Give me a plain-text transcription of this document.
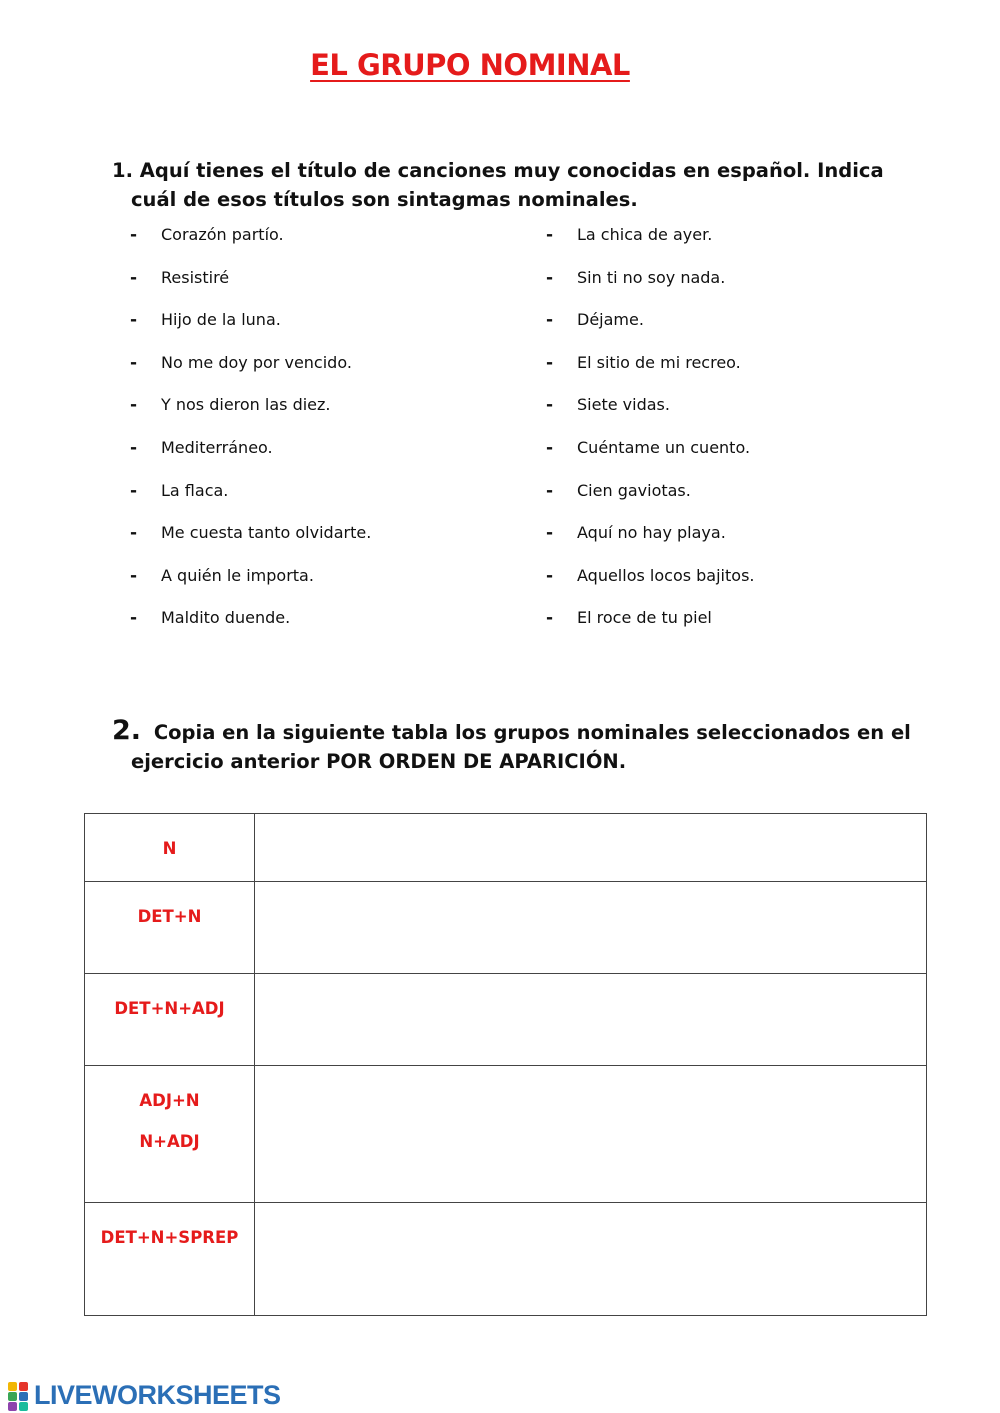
EL GRUPO NOMINAL
1. Aquí tienes el título de canciones muy conocidas en español. Indica
cuál de esos títulos son sintagmas nominales.
-	Corazón partío.
-	Resistiré
-	Hijo de la luna.
-	No me doy por vencido.
-	Y nos dieron las diez.
-	Mediterráneo.
-	La flaca.
-	Me cuesta tanto olvidarte.
-	A quién le importa.
-	Maldito duende.
-	La chica de ayer.
-	Sin ti no soy nada.
-	Déjame.
-	El sitio de mi recreo.
-	Siete vidas.
-	Cuéntame un cuento.
-	Cien gaviotas.
-	Aquí no hay playa.
-	Aquellos locos bajitos.
-	El roce de tu piel
2. Copia en la siguiente tabla los grupos nominales seleccionados en el
ejercicio anterior POR ORDEN DE APARICIÓN.
N	

DET+N	

DET+N+ADJ	

ADJ+N
N+ADJ	

DET+N+SPREP	

LIVEWORKSHEETS
